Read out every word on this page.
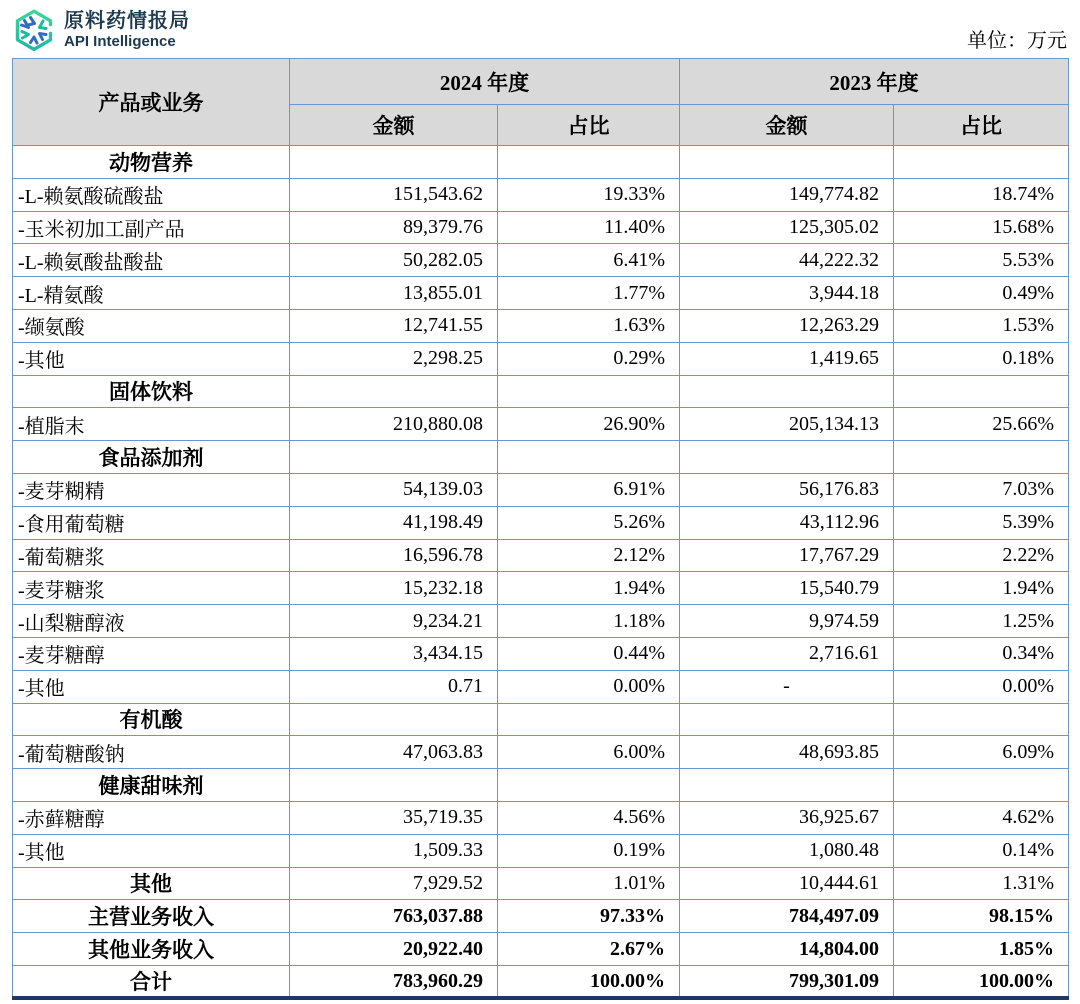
原料药情报局
API Intelligence	单位：万元
产品或业务	2024 年度		2023 年度	
	金额	占比	金额	占比
动物营养				
-L-赖氨酸硫酸盐	151,543.62	19.33%	149,774.82	18.74%
-玉米初加工副产品	89,379.76	11.40%	125,305.02	15.68%
-L-赖氨酸盐酸盐	50,282.05	6.41%	44,222.32	5.53%
-L-精氨酸	13,855.01	1.77%	3,944.18	0.49%
-缬氨酸	12,741.55	1.63%	12,263.29	1.53%
-其他	2,298.25	0.29%	1,419.65	0.18%
固体饮料				
-植脂末	210,880.08	26.90%	205,134.13	25.66%
食品添加剂				
-麦芽糊精	54,139.03	6.91%	56,176.83	7.03%
-食用葡萄糖	41,198.49	5.26%	43,112.96	5.39%
-葡萄糖浆	16,596.78	2.12%	17,767.29	2.22%
-麦芽糖浆	15,232.18	1.94%	15,540.79	1.94%
-山梨糖醇液	9,234.21	1.18%	9,974.59	1.25%
-麦芽糖醇	3,434.15	0.44%	2,716.61	0.34%
-其他	0.71	0.00%	-	0.00%
有机酸				
-葡萄糖酸钠	47,063.83	6.00%	48,693.85	6.09%
健康甜味剂				
-赤藓糖醇	35,719.35	4.56%	36,925.67	4.62%
-其他	1,509.33	0.19%	1,080.48	0.14%
其他	7,929.52	1.01%	10,444.61	1.31%
主营业务收入	763,037.88	97.33%	784,497.09	98.15%
其他业务收入	20,922.40	2.67%	14,804.00	1.85%
合计	783,960.29	100.00%	799,301.09	100.00%
